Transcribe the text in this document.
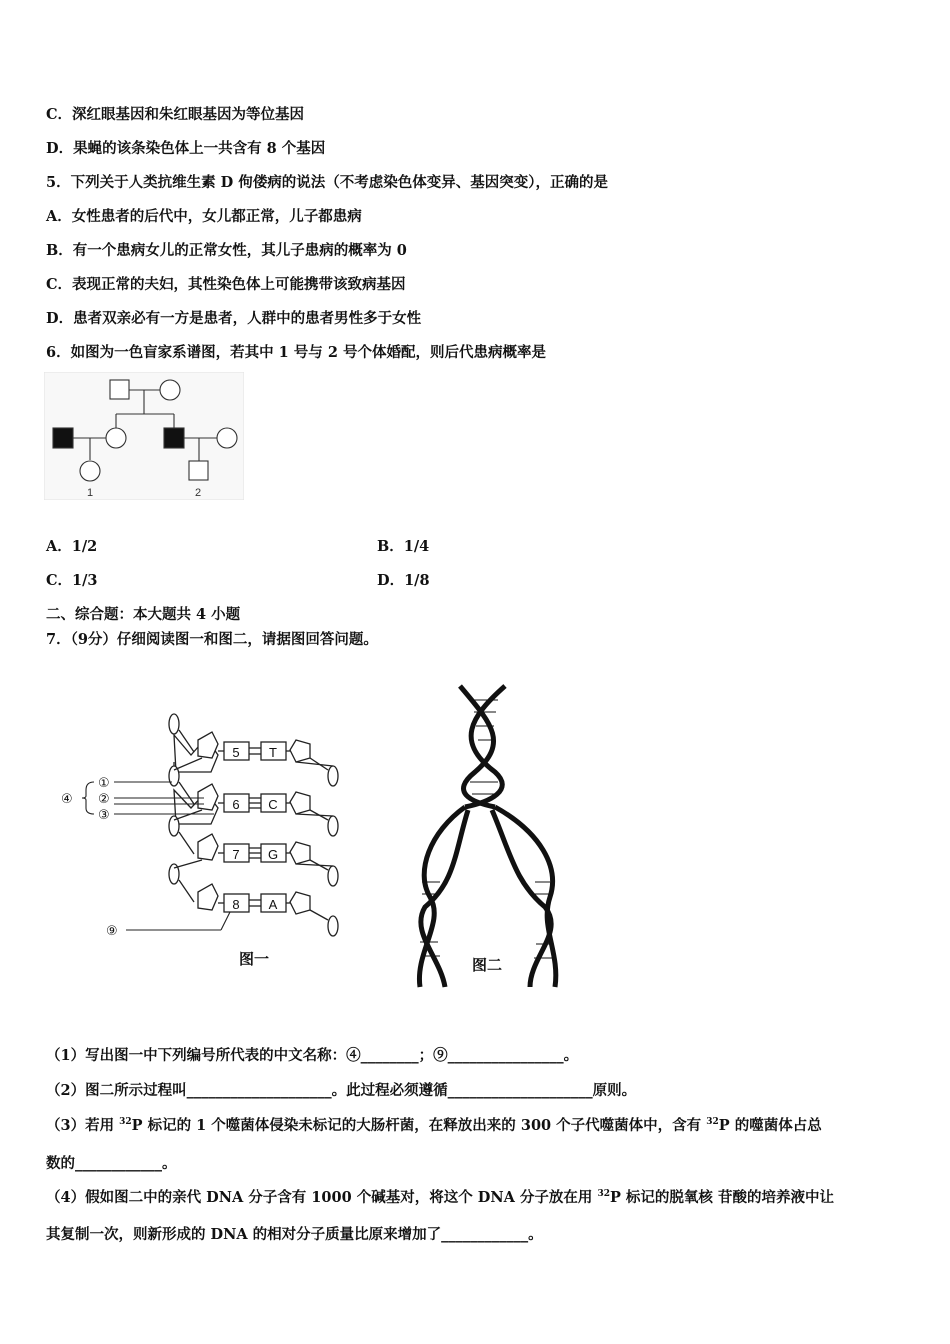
C．深红眼基因和朱红眼基因为等位基因
D．果蝇的该条染色体上一共含有 8 个基因
5．下列关于人类抗维生素 D 佝偻病的说法（不考虑染色体变异、基因突变），正确的是
A．女性患者的后代中，女儿都正常，儿子都患病
B．有一个患病女儿的正常女性，其儿子患病的概率为 0
C．表现正常的夫妇，其性染色体上可能携带该致病基因
D．患者双亲必有一方是患者，人群中的患者男性多于女性
6．如图为一色盲家系谱图，若其中 1 号与 2 号个体婚配，则后代患病概率是
1	2
A．1/2	B．1/4
C．1/3	D．1/8
二、综合题：本大题共 4 小题
7．（9分）仔细阅读图一和图二，请据图回答问题。
5 T
6 C
7 G
8 A
④
①
②
③
⑨
图一	图二
（1）写出图一中下列编号所代表的中文名称：④________；⑨________________。
（2）图二所示过程叫____________________。此过程必须遵循____________________原则。
（3）若用 $^{32}$P 标记的 1 个噬菌体侵染未标记的大肠杆菌，在释放出来的 300 个子代噬菌体中，含有 $^{32}$P 的噬菌体占总
数的____________。
（4）假如图二中的亲代 DNA 分子含有 1000 个碱基对，将这个 DNA 分子放在用 $^{32}$P 标记的脱氧核 苷酸的培养液中让
其复制一次，则新形成的 DNA 的相对分子质量比原来增加了____________。
